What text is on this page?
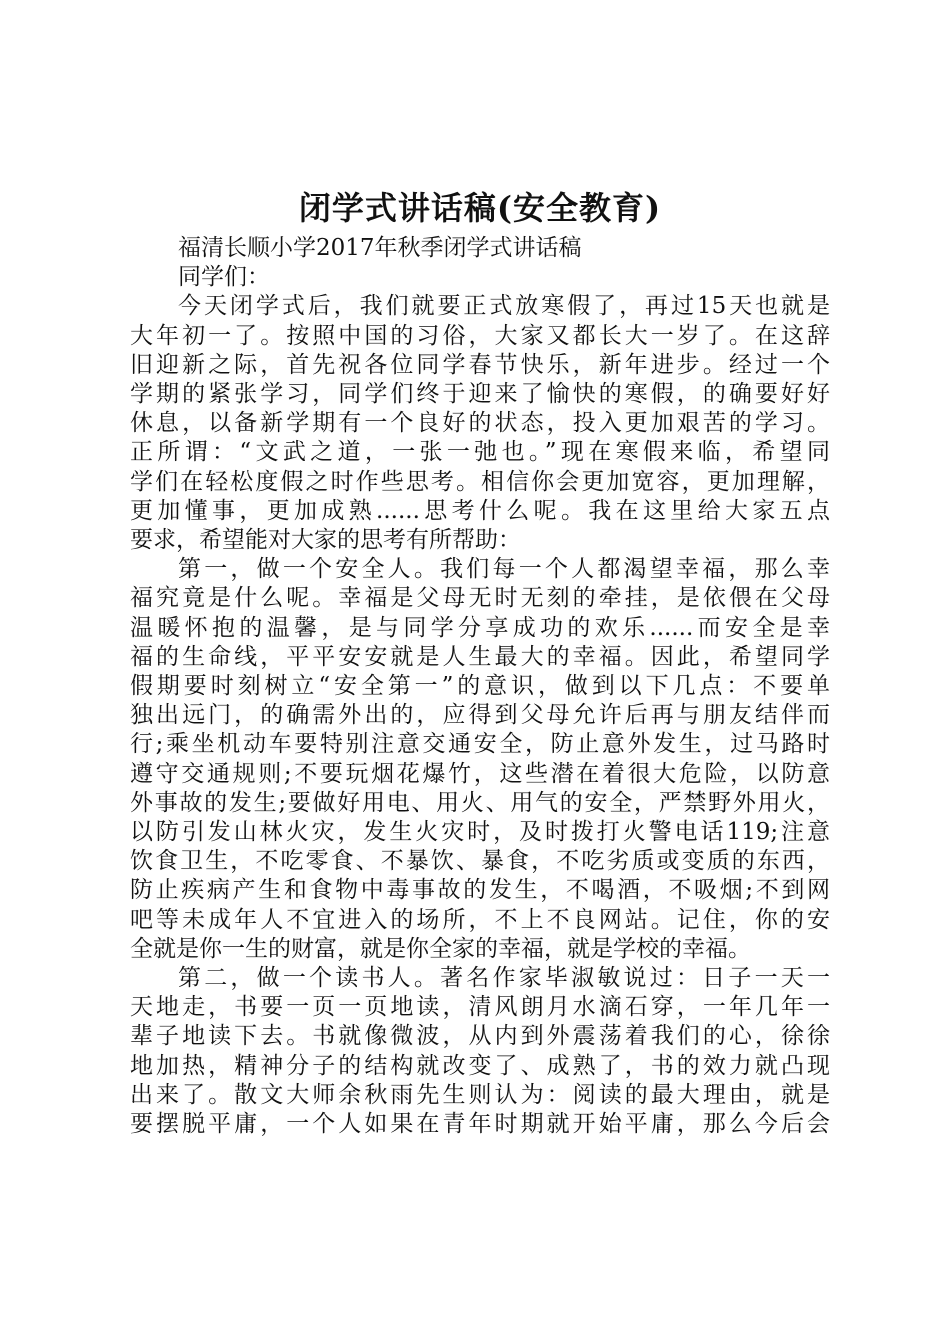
闭学式讲话稿(安全教育)

福清长顺小学2017年秋季闭学式讲话稿

同学们：

今天闭学式后，我们就要正式放寒假了，再过15天也就是

大年初一了。按照中国的习俗，大家又都长大一岁了。在这辞

旧迎新之际，首先祝各位同学春节快乐，新年进步。经过一个

学期的紧张学习，同学们终于迎来了愉快的寒假，的确要好好

休息，以备新学期有一个良好的状态，投入更加艰苦的学习。

正所谓：“文武之道，一张一弛也。”现在寒假来临，希望同

学们在轻松度假之时作些思考。相信你会更加宽容，更加理解，

更加懂事，更加成熟......思考什么呢。我在这里给大家五点

要求，希望能对大家的思考有所帮助：

第一，做一个安全人。我们每一个人都渴望幸福，那么幸

福究竟是什么呢。幸福是父母无时无刻的牵挂，是依偎在父母

温暖怀抱的温馨，是与同学分享成功的欢乐......而安全是幸

福的生命线，平平安安就是人生最大的幸福。因此，希望同学

假期要时刻树立“安全第一”的意识，做到以下几点：不要单

独出远门，的确需外出的，应得到父母允许后再与朋友结伴而

行;乘坐机动车要特别注意交通安全，防止意外发生，过马路时

遵守交通规则;不要玩烟花爆竹，这些潜在着很大危险，以防意

外事故的发生;要做好用电、用火、用气的安全，严禁野外用火，

以防引发山林火灾，发生火灾时，及时拨打火警电话119;注意

饮食卫生，不吃零食、不暴饮、暴食，不吃劣质或变质的东西，

防止疾病产生和食物中毒事故的发生，不喝酒，不吸烟;不到网

吧等未成年人不宜进入的场所，不上不良网站。记住，你的安

全就是你一生的财富，就是你全家的幸福，就是学校的幸福。

第二，做一个读书人。著名作家毕淑敏说过：日子一天一

天地走，书要一页一页地读，清风朗月水滴石穿，一年几年一

辈子地读下去。书就像微波，从内到外震荡着我们的心，徐徐

地加热，精神分子的结构就改变了、成熟了，书的效力就凸现

出来了。散文大师余秋雨先生则认为：阅读的最大理由，就是

要摆脱平庸，一个人如果在青年时期就开始平庸，那么今后会
